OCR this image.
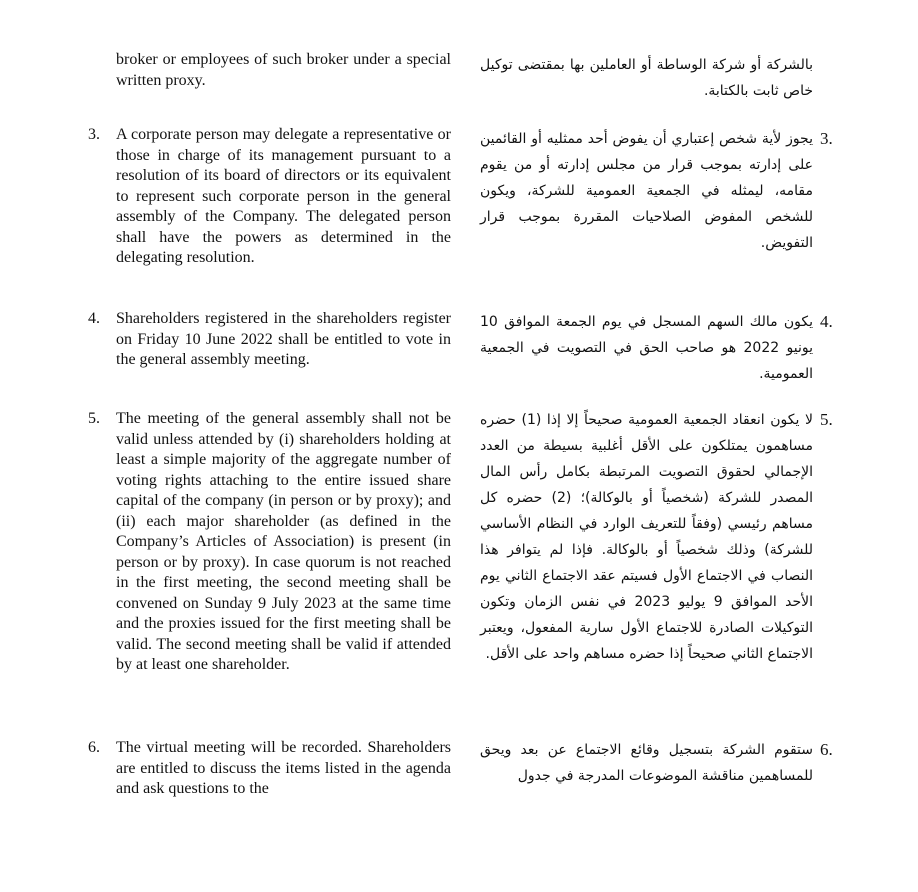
broker or employees of such broker under a special written proxy.
3. A corporate person may delegate a representative or those in charge of its management pursuant to a resolution of its board of directors or its equivalent to represent such corporate person in the general assembly of the Company. The delegated person shall have the powers as determined in the delegating resolution.
4. Shareholders registered in the shareholders register on Friday 10 June 2022 shall be entitled to vote in the general assembly meeting.
5. The meeting of the general assembly shall not be valid unless attended by (i) shareholders holding at least a simple majority of the aggregate number of voting rights attaching to the entire issued share capital of the company (in person or by proxy); and (ii) each major shareholder (as defined in the Company’s Articles of Association) is present (in person or by proxy). In case quorum is not reached in the first meeting, the second meeting shall be convened on Sunday 9 July 2023 at the same time and the proxies issued for the first meeting shall be valid. The second meeting shall be valid if attended by at least one shareholder.
6. The virtual meeting will be recorded. Shareholders are entitled to discuss the items listed in the agenda and ask questions to the
بالشركة أو شركة الوساطة أو العاملين بها بمقتضى توكيل خاص ثابت بالكتابة.
3.
يجوز لأية شخص إعتباري أن يفوض أحد ممثليه أو القائمين على إدارته بموجب قرار من مجلس إدارته أو من يقوم مقامه، ليمثله في الجمعية العمومية للشركة، ويكون للشخص المفوض الصلاحيات المقررة بموجب قرار التفويض.
4.
يكون مالك السهم المسجل في يوم الجمعة الموافق 10 يونيو 2022 هو صاحب الحق في التصويت في الجمعية العمومية.
5.
لا يكون انعقاد الجمعية العمومية صحيحاً إلا إذا (1) حضره مساهمون يمتلكون على الأقل أغلبية بسيطة من العدد الإجمالي لحقوق التصويت المرتبطة بكامل رأس المال المصدر للشركة (شخصياً أو بالوكالة)؛ (2) حضره كل مساهم رئيسي (وفقاً للتعريف الوارد في النظام الأساسي للشركة) وذلك شخصياً أو بالوكالة. فإذا لم يتوافر هذا النصاب في الاجتماع الأول فسيتم عقد الاجتماع الثاني يوم الأحد الموافق 9 يوليو 2023 في نفس الزمان وتكون التوكيلات الصادرة للاجتماع الأول سارية المفعول، ويعتبر الاجتماع الثاني صحيحاً إذا حضره مساهم واحد على الأقل.
6.
ستقوم الشركة بتسجيل وقائع الاجتماع عن بعد ويحق للمساهمين مناقشة الموضوعات المدرجة في جدول
